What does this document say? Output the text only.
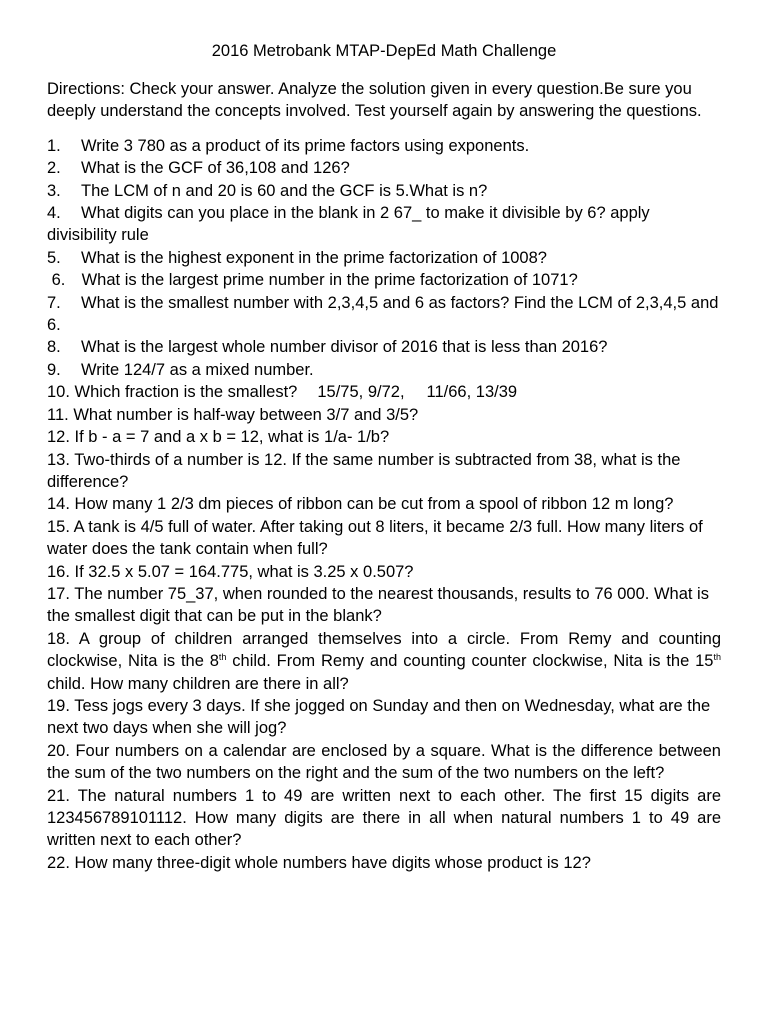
2016 Metrobank MTAP-DepEd Math Challenge
Directions: Check your answer. Analyze the solution given in every question.Be sure you deeply understand the concepts involved. Test yourself again by answering the questions.

1. Write 3 780 as a product of its prime factors using exponents.

2. What is the GCF of 36,108 and 126?

3. The LCM of n and 20 is 60 and the GCF is 5.What is n?

4. What digits can you place in the blank in 2 67_ to make it divisible by 6? apply divisibility rule

5. What is the highest exponent in the prime factorization of 1008?

6. What is the largest prime number in the prime factorization of 1071?

7. What is the smallest number with 2,3,4,5 and 6 as factors? Find the LCM of 2,3,4,5 and 6.

8. What is the largest whole number divisor of 2016 that is less than 2016?

9. Write 124/7 as a mixed number.

10. Which fraction is the smallest? 15/75, 9/72, 11/66, 13/39

11. What number is half-way between 3/7 and 3/5?

12. If b - a = 7 and a x b = 12, what is 1/a- 1/b?

13. Two-thirds of a number is 12. If the same number is subtracted from 38, what is the difference?

14. How many 1 2/3 dm pieces of ribbon can be cut from a spool of ribbon 12 m long?

15. A tank is 4/5 full of water. After taking out 8 liters, it became 2/3 full. How many liters of water does the tank contain when full?

16. If 32.5 x 5.07 = 164.775, what is 3.25 x 0.507?

17. The number 75_37, when rounded to the nearest thousands, results to 76 000. What is the smallest digit that can be put in the blank?

18. A group of children arranged themselves into a circle. From Remy and counting clockwise, Nita is the 8th child. From Remy and counting counter clockwise, Nita is the 15th child. How many children are there in all?

19. Tess jogs every 3 days. If she jogged on Sunday and then on Wednesday, what are the next two days when she will jog?

20. Four numbers on a calendar are enclosed by a square. What is the difference between the sum of the two numbers on the right and the sum of the two numbers on the left?

21. The natural numbers 1 to 49 are written next to each other. The first 15 digits are 123456789101112. How many digits are there in all when natural numbers 1 to 49 are written next to each other?

22. How many three-digit whole numbers have digits whose product is 12?
